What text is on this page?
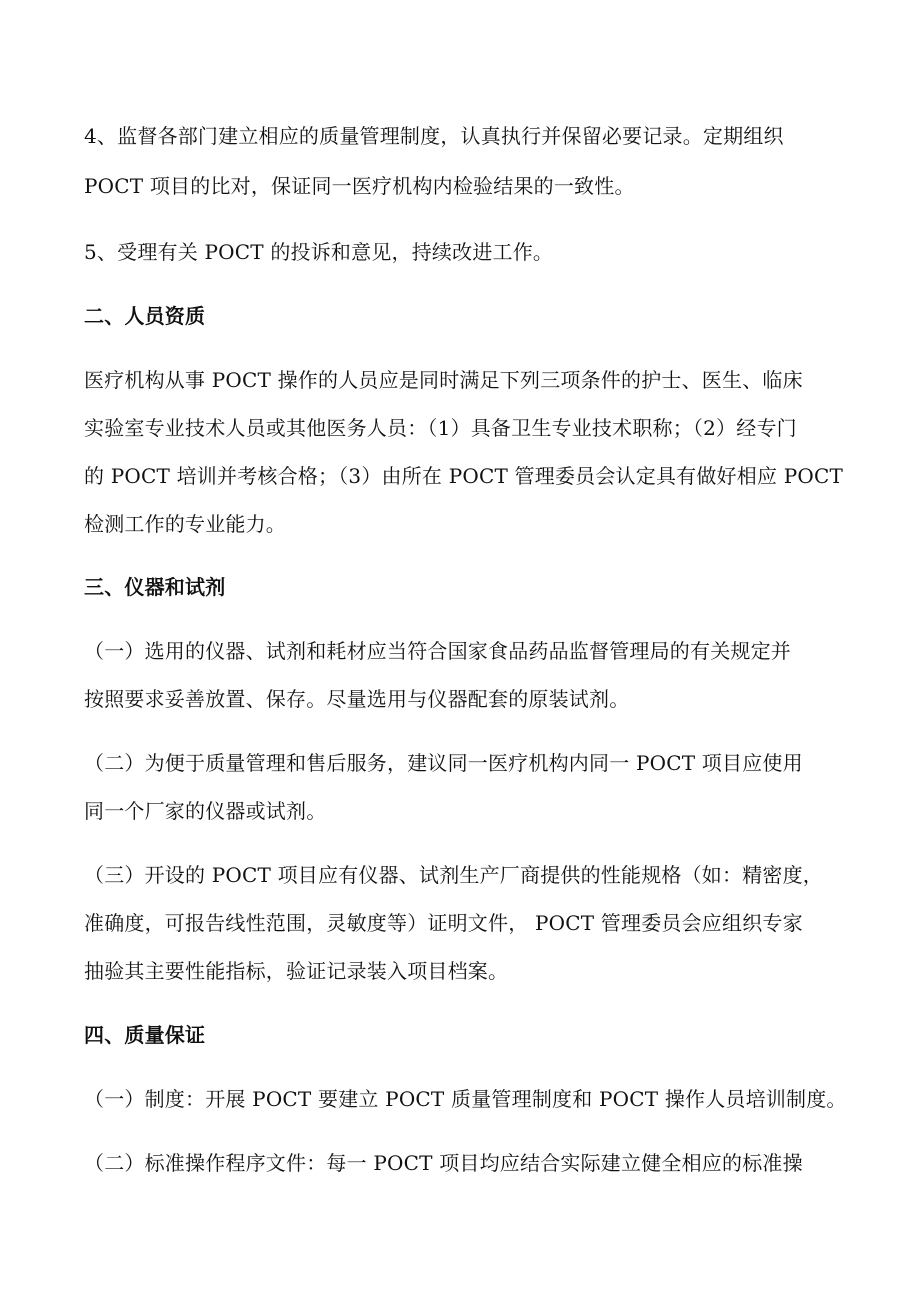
4、监督各部门建立相应的质量管理制度，认真执行并保留必要记录。定期组织
POCT 项目的比对，保证同一医疗机构内检验结果的一致性。
5、受理有关 POCT 的投诉和意见，持续改进工作。
二、人员资质
医疗机构从事 POCT 操作的人员应是同时满足下列三项条件的护士、医生、临床
实验室专业技术人员或其他医务人员：（1）具备卫生专业技术职称；（2）经专门
的 POCT 培训并考核合格；（3）由所在 POCT 管理委员会认定具有做好相应 POCT
检测工作的专业能力。
三、仪器和试剂
（一）选用的仪器、试剂和耗材应当符合国家食品药品监督管理局的有关规定并
按照要求妥善放置、保存。尽量选用与仪器配套的原装试剂。
（二）为便于质量管理和售后服务，建议同一医疗机构内同一 POCT 项目应使用
同一个厂家的仪器或试剂。
（三）开设的 POCT 项目应有仪器、试剂生产厂商提供的性能规格（如：精密度，
准确度，可报告线性范围，灵敏度等）证明文件， POCT 管理委员会应组织专家
抽验其主要性能指标，验证记录装入项目档案。
四、质量保证
（一）制度：开展 POCT 要建立 POCT 质量管理制度和 POCT 操作人员培训制度。
（二）标准操作程序文件：每一 POCT 项目均应结合实际建立健全相应的标准操
